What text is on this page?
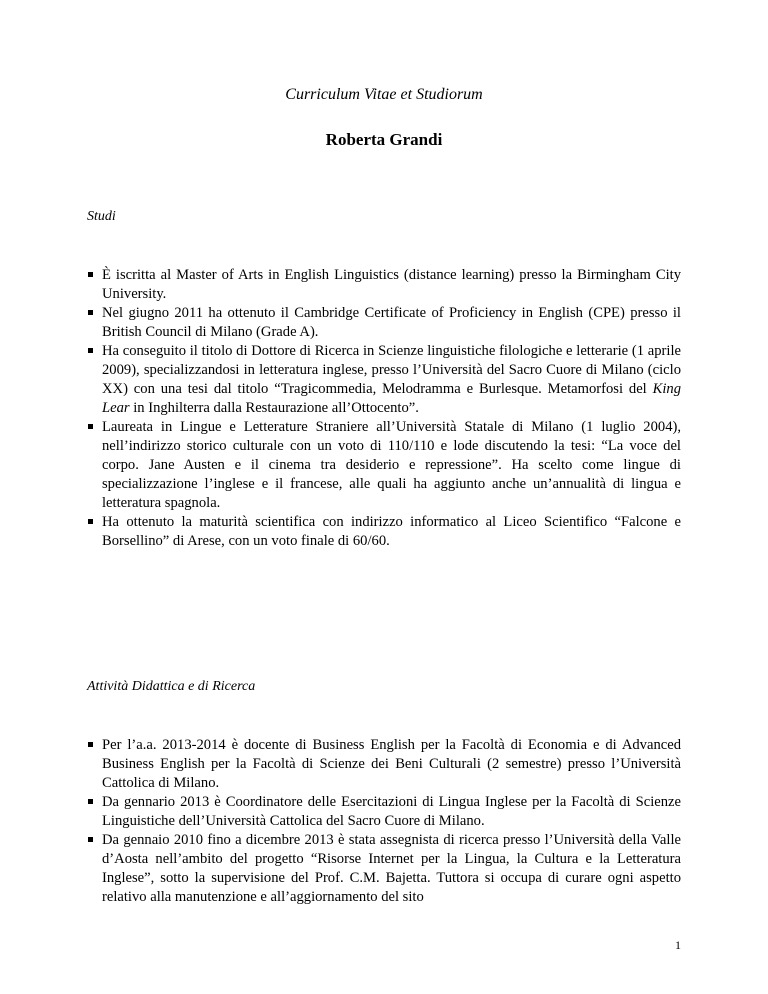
Curriculum Vitae et Studiorum
Roberta Grandi
Studi
È iscritta al Master of Arts in English Linguistics (distance learning) presso la Birmingham City University.
Nel giugno 2011 ha ottenuto il Cambridge Certificate of Proficiency in English (CPE) presso il British Council di Milano (Grade A).
Ha conseguito il titolo di Dottore di Ricerca in Scienze linguistiche filologiche e letterarie (1 aprile 2009), specializzandosi in letteratura inglese, presso l’Università del Sacro Cuore di Milano (ciclo XX) con una tesi dal titolo “Tragicommedia, Melodramma e Burlesque. Metamorfosi del King Lear in Inghilterra dalla Restaurazione all’Ottocento”.
Laureata in Lingue e Letterature Straniere all’Università Statale di Milano (1 luglio 2004), nell’indirizzo storico culturale con un voto di 110/110 e lode discutendo la tesi: “La voce del corpo. Jane Austen e il cinema tra desiderio e repressione”. Ha scelto come lingue di specializzazione l’inglese e il francese, alle quali ha aggiunto anche un’annualità di lingua e letteratura spagnola.
Ha ottenuto la maturità scientifica con indirizzo informatico al Liceo Scientifico “Falcone e Borsellino” di Arese, con un voto finale di 60/60.
Attività Didattica e di Ricerca
Per l’a.a. 2013-2014 è docente di Business English per la Facoltà di Economia e di Advanced Business English per la Facoltà di Scienze dei Beni Culturali (2 semestre) presso l’Università Cattolica di Milano.
Da gennario 2013 è Coordinatore delle Esercitazioni di Lingua Inglese per la Facoltà di Scienze Linguistiche dell’Università Cattolica del Sacro Cuore di Milano.
Da gennaio 2010 fino a dicembre 2013 è stata assegnista di ricerca presso l’Università della Valle d’Aosta nell’ambito del progetto “Risorse Internet per la Lingua, la Cultura e la Letteratura Inglese”, sotto la supervisione del Prof. C.M. Bajetta. Tuttora si occupa di curare ogni aspetto relativo alla manutenzione e all’aggiornamento del sito
1
